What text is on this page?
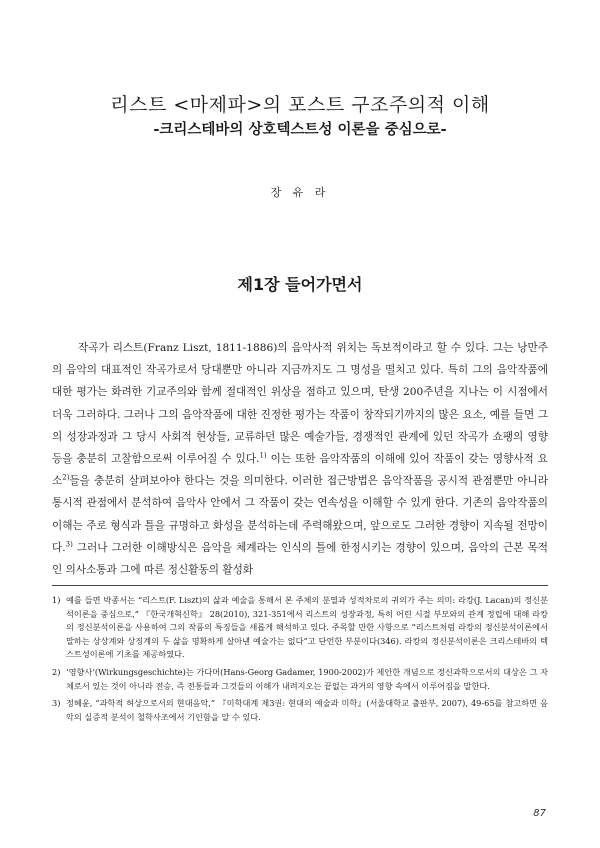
리스트 <마제파>의 포스트 구조주의적 이해
-크리스테바의 상호텍스트성 이론을 중심으로-

장 유 라

제1장 들어가면서

작곡가 리스트(Franz Liszt, 1811-1886)의 음악사적 위치는 독보적이라고 할 수 있다. 그는 낭만주의 음악의 대표적인 작곡가로서 당대뿐만 아니라 지금까지도 그 명성을 떨치고 있다. 특히 그의 음악작품에 대한 평가는 화려한 기교주의와 함께 절대적인 위상을 점하고 있으며, 탄생 200주년을 지나는 이 시점에서 더욱 그러하다. 그러나 그의 음악작품에 대한 진정한 평가는 작품이 창작되기까지의 많은 요소, 예를 들면 그의 성장과정과 그 당시 사회적 현상들, 교류하던 많은 예술가들, 경쟁적인 관계에 있던 작곡가 쇼팽의 영향 등을 충분히 고찰함으로써 이루어질 수 있다.$^{1)}$ 이는 또한 음악작품의 이해에 있어 작품이 갖는 영향사적 요소$^{2)}$들을 충분히 살펴보아야 한다는 것을 의미한다. 이러한 접근방법은 음악작품을 공시적 관점뿐만 아니라 통시적 관점에서 분석하여 음악사 안에서 그 작품이 갖는 연속성을 이해할 수 있게 한다. 기존의 음악작품의 이해는 주로 형식과 틀을 규명하고 화성을 분석하는데 주력해왔으며, 앞으로도 그러한 경향이 지속될 전망이다.$^{3)}$ 그러나 그러한 이해방식은 음악을 체계라는 인식의 틀에 한정시키는 경향이 있으며, 음악의 근본 목적인 의사소통과 그에 따른 정신활동의 활성화

1) 예를 들면 박종서는 “리스트(F. Liszt)의 삶과 예술을 통해서 본 주체의 분열과 성적차로의 귀의가 주는 의미: 라캉(J. Lacan)의 정신분석이론을 중심으로,” 『한국개혁신학』 28(2010), 321-351에서 리스트의 성장과정, 특히 어린 시절 부모와의 관계 정립에 대해 라캉의 정신분석이론을 사용하여 그의 작품의 특징들을 새롭게 해석하고 있다. 주목할 만한 사항으로 “리스트처럼 라캉의 정신분석이론에서 말하는 상상계와 상징계의 두 삶을 명확하게 살아낸 예술가는 없다”고 단언한 부분이다(346). 라캉의 정신분석이론은 크리스테바의 텍스트성이론에 기초를 제공하였다.
2) ‘영향사’(Wirkungsgeschichte)는 가다머(Hans-Georg Gadamer, 1900-2002)가 제안한 개념으로 정신과학으로서의 대상은 그 자체로서 있는 것이 아니라 전승, 즉 전통들과 그것들의 이해가 내려지오는 끝없는 과거의 영향 속에서 이루어짐을 말한다.
3) 정혜윤, “과학적 허상으로서의 현대음악,” 『미학대계 제3권: 현대의 예술과 미학』(서울대학교 출판부, 2007), 49-65를 참고하면 음악의 실증적 분석이 철학사조에서 기인함을 알 수 있다.
87
